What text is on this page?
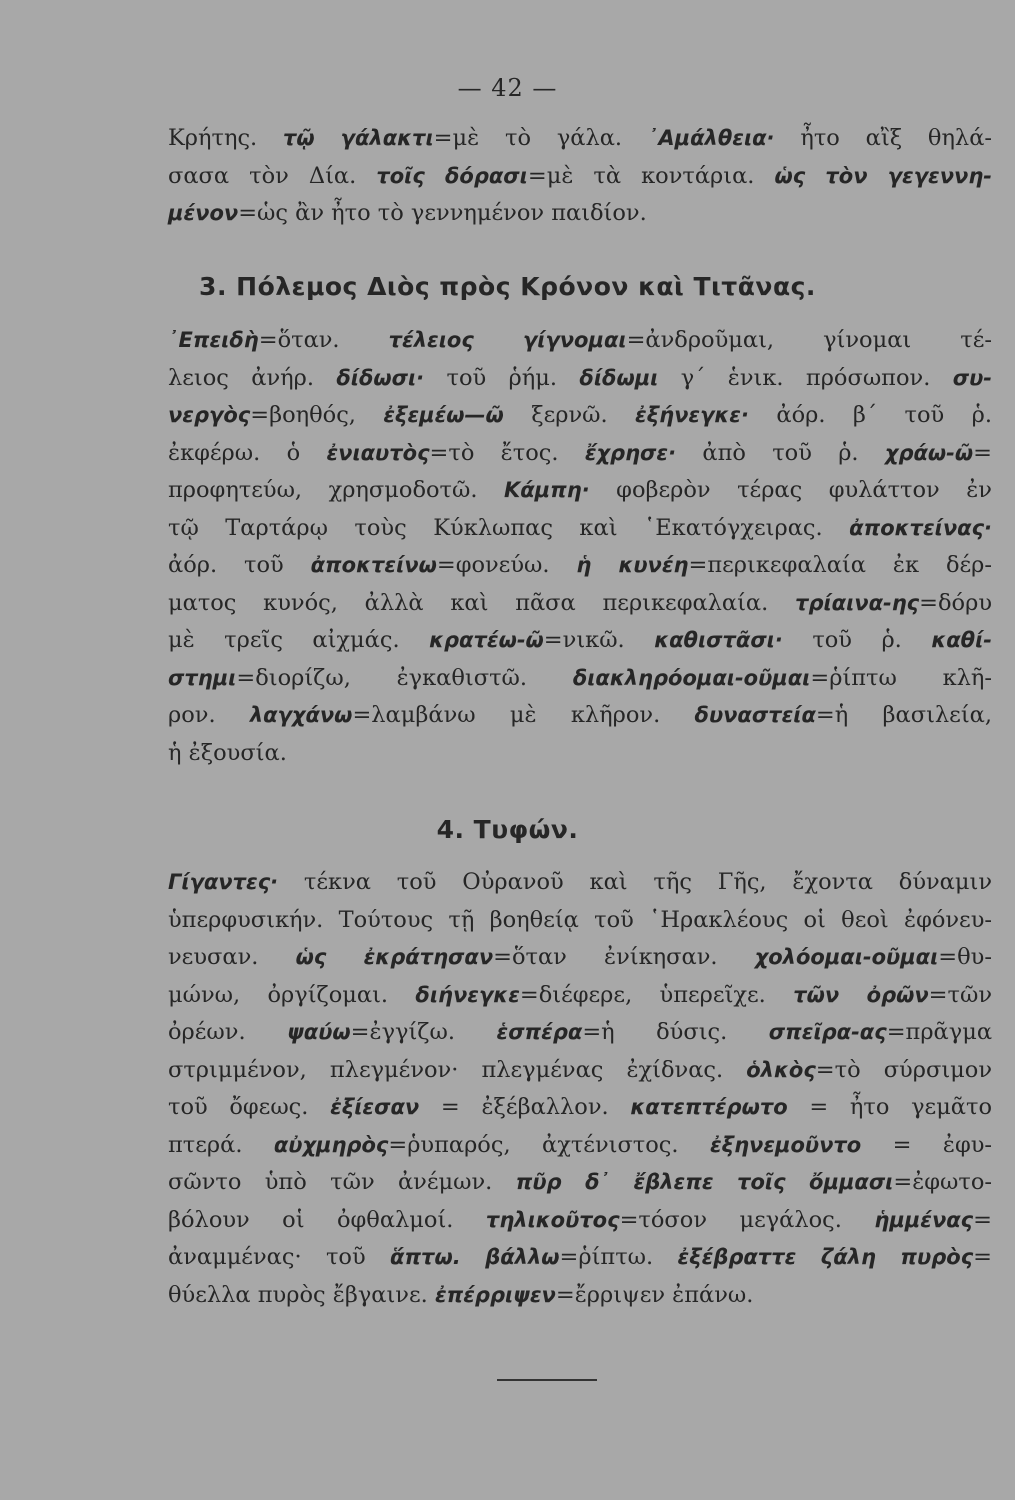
— 42 —
Κρήτης. τῷ γάλακτι=μὲ τὸ γάλα. ᾿Αμάλθεια· ἦτο αἲξ θηλά-
σασα τὸν Δία. τοῖς δόρασι=μὲ τὰ κοντάρια. ὡς τὸν γεγεννη-
μένον=ὡς ἂν ἦτο τὸ γεννημένον παιδίον.
3. Πόλεμος Διὸς πρὸς Κρόνον καὶ Τιτᾶνας.
᾿Επειδὴ=ὅταν. τέλειος γίγνομαι=ἀνδροῦμαι, γίνομαι τέ-
λειος ἀνήρ. δίδωσι· τοῦ ῥήμ. δίδωμι γ΄ ἑνικ. πρόσωπον. συ-
νεργὸς=βοηθός, ἐξεμέω—ῶ ξερνῶ. ἐξήνεγκε· ἀόρ. β΄ τοῦ ῥ.
ἐκφέρω. ὁ ἐνιαυτὸς=τὸ ἔτος. ἔχρησε· ἀπὸ τοῦ ῥ. χράω-ῶ=
προφητεύω, χρησμοδοτῶ. Κάμπη· φοβερὸν τέρας φυλάττον ἐν
τῷ Ταρτάρῳ τοὺς Κύκλωπας καὶ ῾Εκατόγχειρας. ἀποκτείνας·
ἀόρ. τοῦ ἀποκτείνω=φονεύω. ἡ κυνέη=περικεφαλαία ἐκ δέρ-
ματος κυνός, ἀλλὰ καὶ πᾶσα περικεφαλαία. τρίαινα-ης=δόρυ
μὲ τρεῖς αἰχμάς. κρατέω-ῶ=νικῶ. καθιστᾶσι· τοῦ ῥ. καθί-
στημι=διορίζω, ἐγκαθιστῶ. διακληρόομαι-οῦμαι=ῥίπτω κλῆ-
ρον. λαγχάνω=λαμβάνω μὲ κλῆρον. δυναστεία=ἡ βασιλεία,
ἡ ἐξουσία.
4. Τυφών.
Γίγαντες· τέκνα τοῦ Οὐρανοῦ καὶ τῆς Γῆς, ἔχοντα δύναμιν
ὑπερφυσικήν. Τούτους τῇ βοηθείᾳ τοῦ ῾Ηρακλέους οἱ θεοὶ ἐφόνευ-
νευσαν. ὡς ἐκράτησαν=ὅταν ἐνίκησαν. χολόομαι-οῦμαι=θυ-
μώνω, ὀργίζομαι. διήνεγκε=διέφερε, ὑπερεῖχε. τῶν ὀρῶν=τῶν
ὀρέων. ψαύω=ἐγγίζω. ἑσπέρα=ἡ δύσις. σπεῖρα-ας=πρᾶγμα
στριμμένον, πλεγμένον· πλεγμένας ἐχίδνας. ὁλκὸς=τὸ σύρσιμον
τοῦ ὄφεως. ἐξίεσαν = ἐξέβαλλον. κατεπτέρωτο = ἦτο γεμᾶτο
πτερά. αὐχμηρὸς=ῥυπαρός, ἀχτένιστος. ἐξηνεμοῦντο = ἐφυ-
σῶντο ὑπὸ τῶν ἀνέμων. πῦρ δ᾿ ἔβλεπε τοῖς ὄμμασι=ἐφωτο-
βόλουν οἱ ὀφθαλμοί. τηλικοῦτος=τόσον μεγάλος. ἡμμένας=
ἀναμμένας· τοῦ ἅπτω. βάλλω=ῥίπτω. ἐξέβραττε ζάλη πυρὸς=
θύελλα πυρὸς ἔβγαινε. ἐπέρριψεν=ἔρριψεν ἐπάνω.
